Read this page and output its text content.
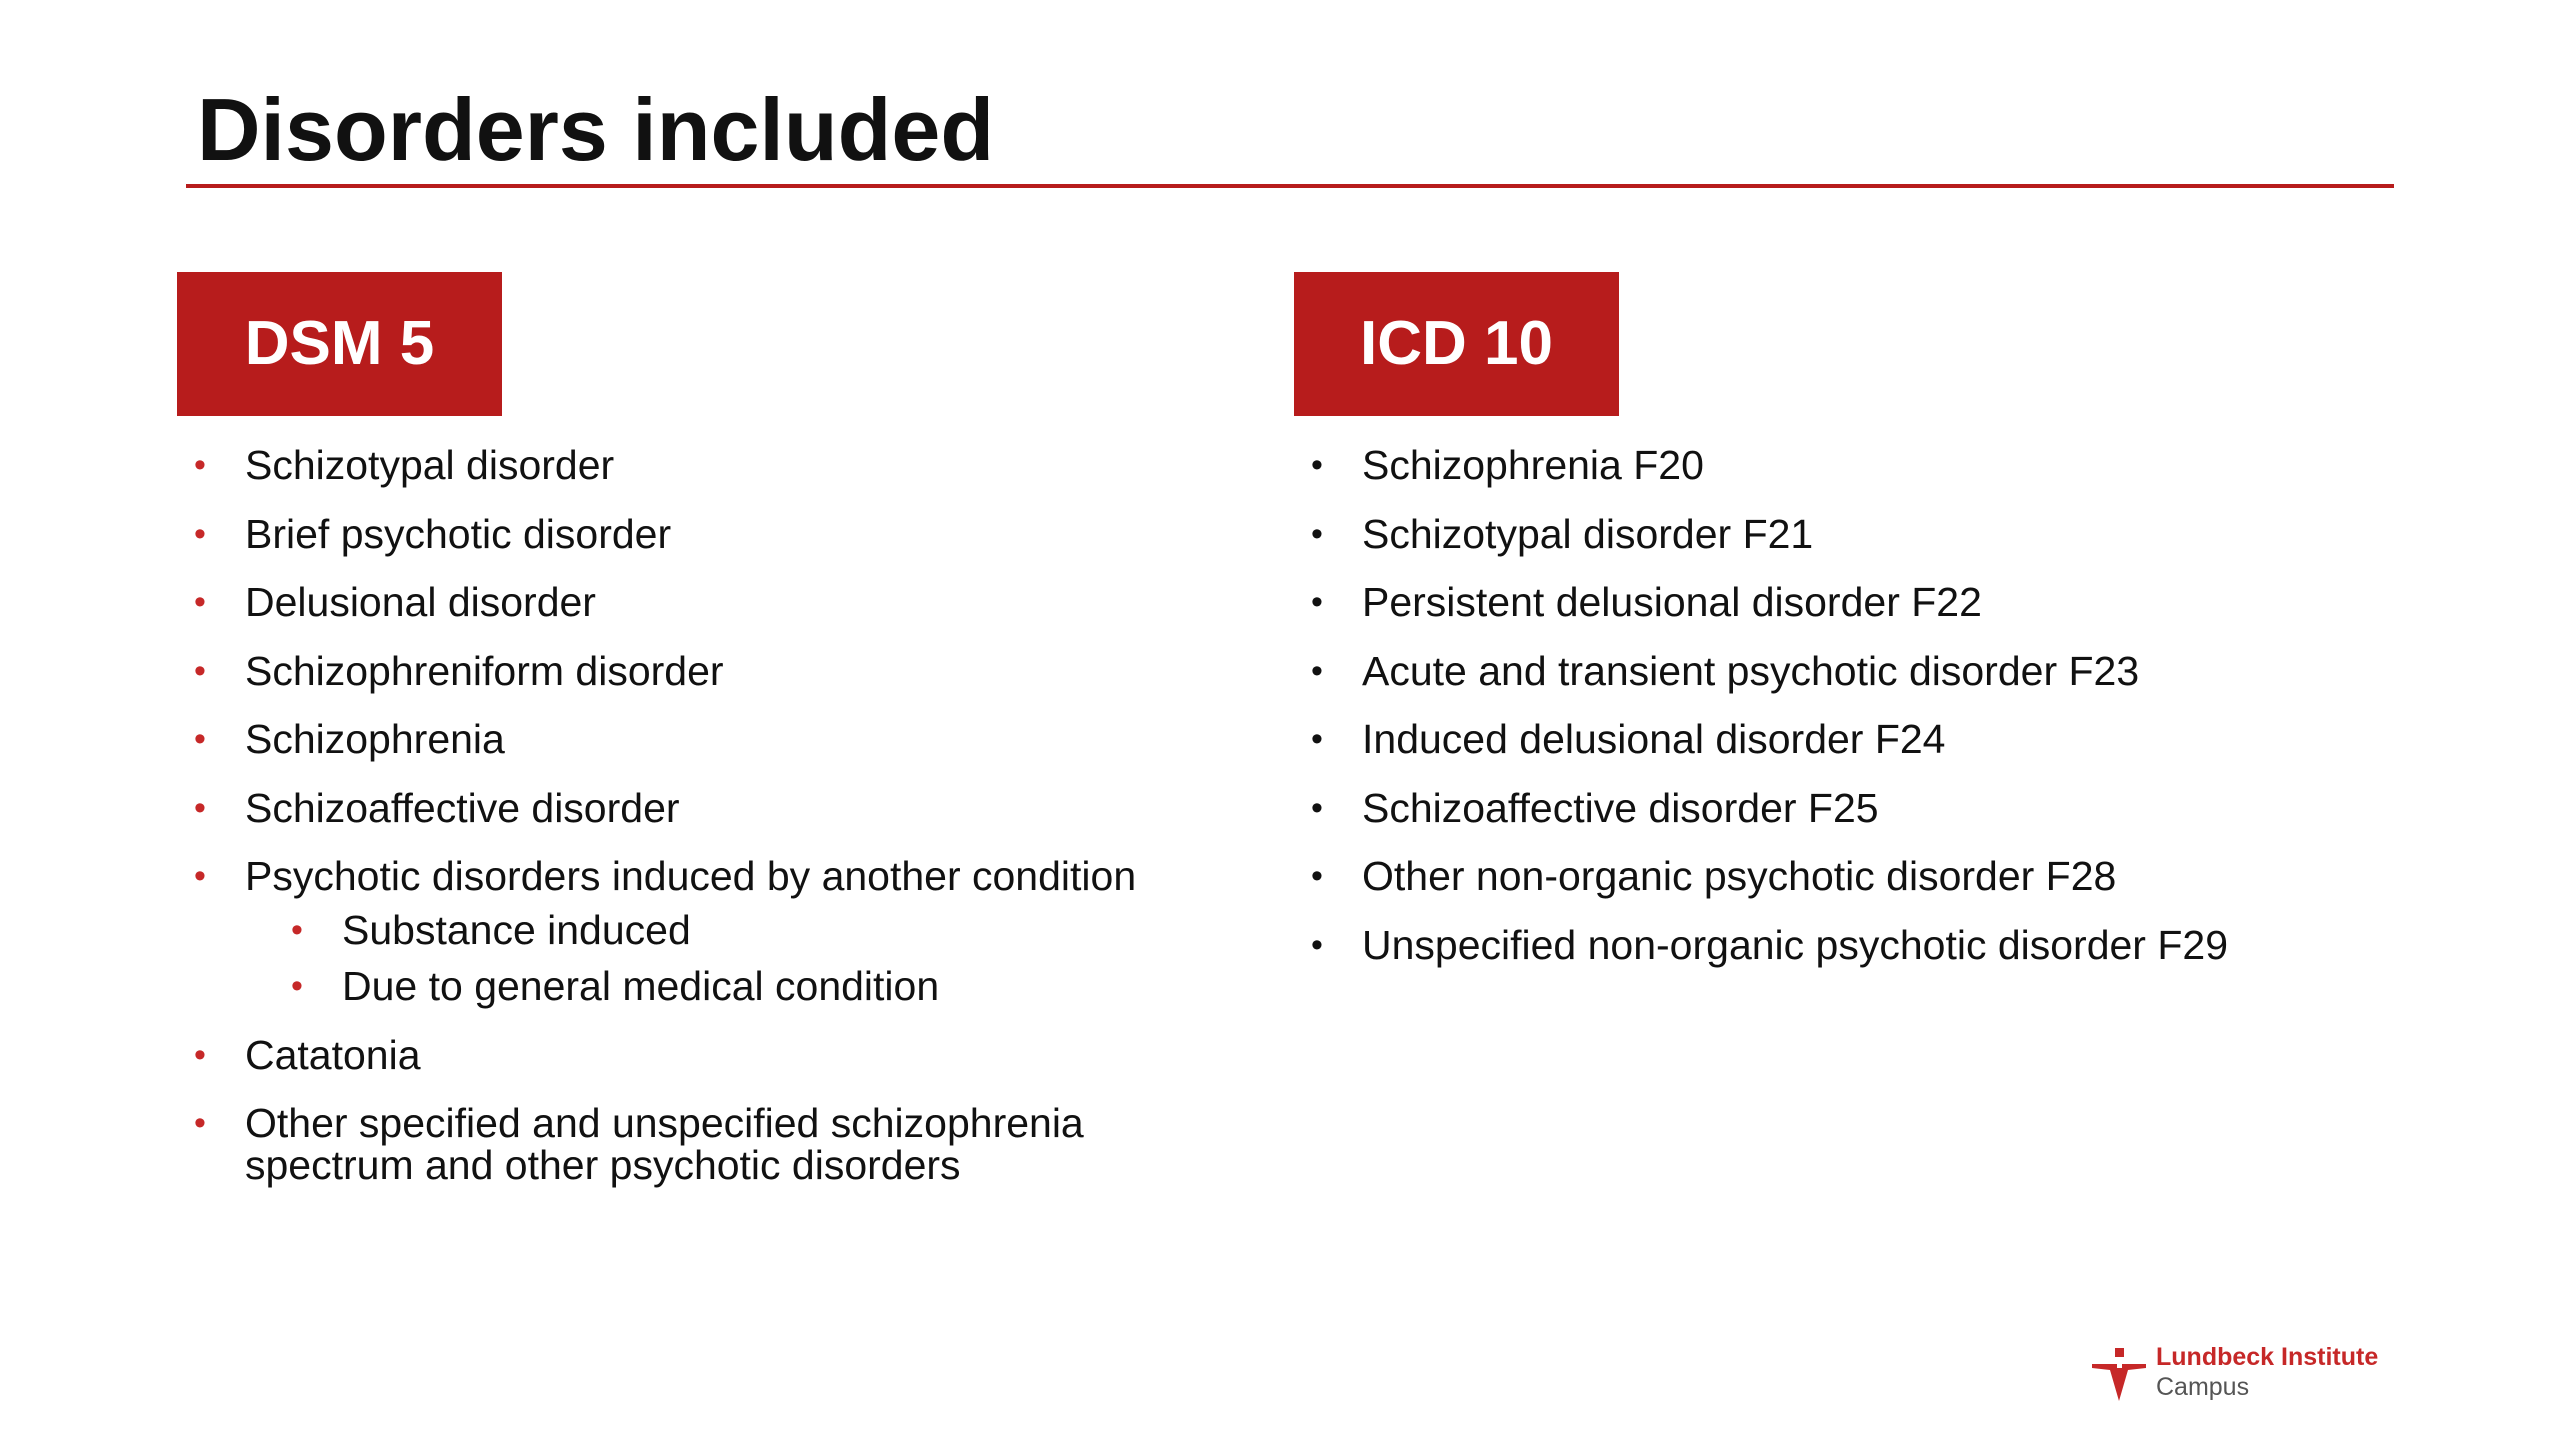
Disorders included
DSM 5
• Schizotypal disorder
• Brief psychotic disorder
• Delusional disorder
• Schizophreniform disorder
• Schizophrenia
• Schizoaffective disorder
• Psychotic disorders induced by another condition
• Substance induced
• Due to general medical condition
• Catatonia
• Other specified and unspecified schizophrenia spectrum and other psychotic disorders
ICD 10
• Schizophrenia F20
• Schizotypal disorder F21
• Persistent delusional disorder F22
• Acute and transient psychotic disorder F23
• Induced delusional disorder F24
• Schizoaffective disorder F25
• Other non-organic psychotic disorder F28
• Unspecified non-organic psychotic disorder F29
Lundbeck Institute
Campus
